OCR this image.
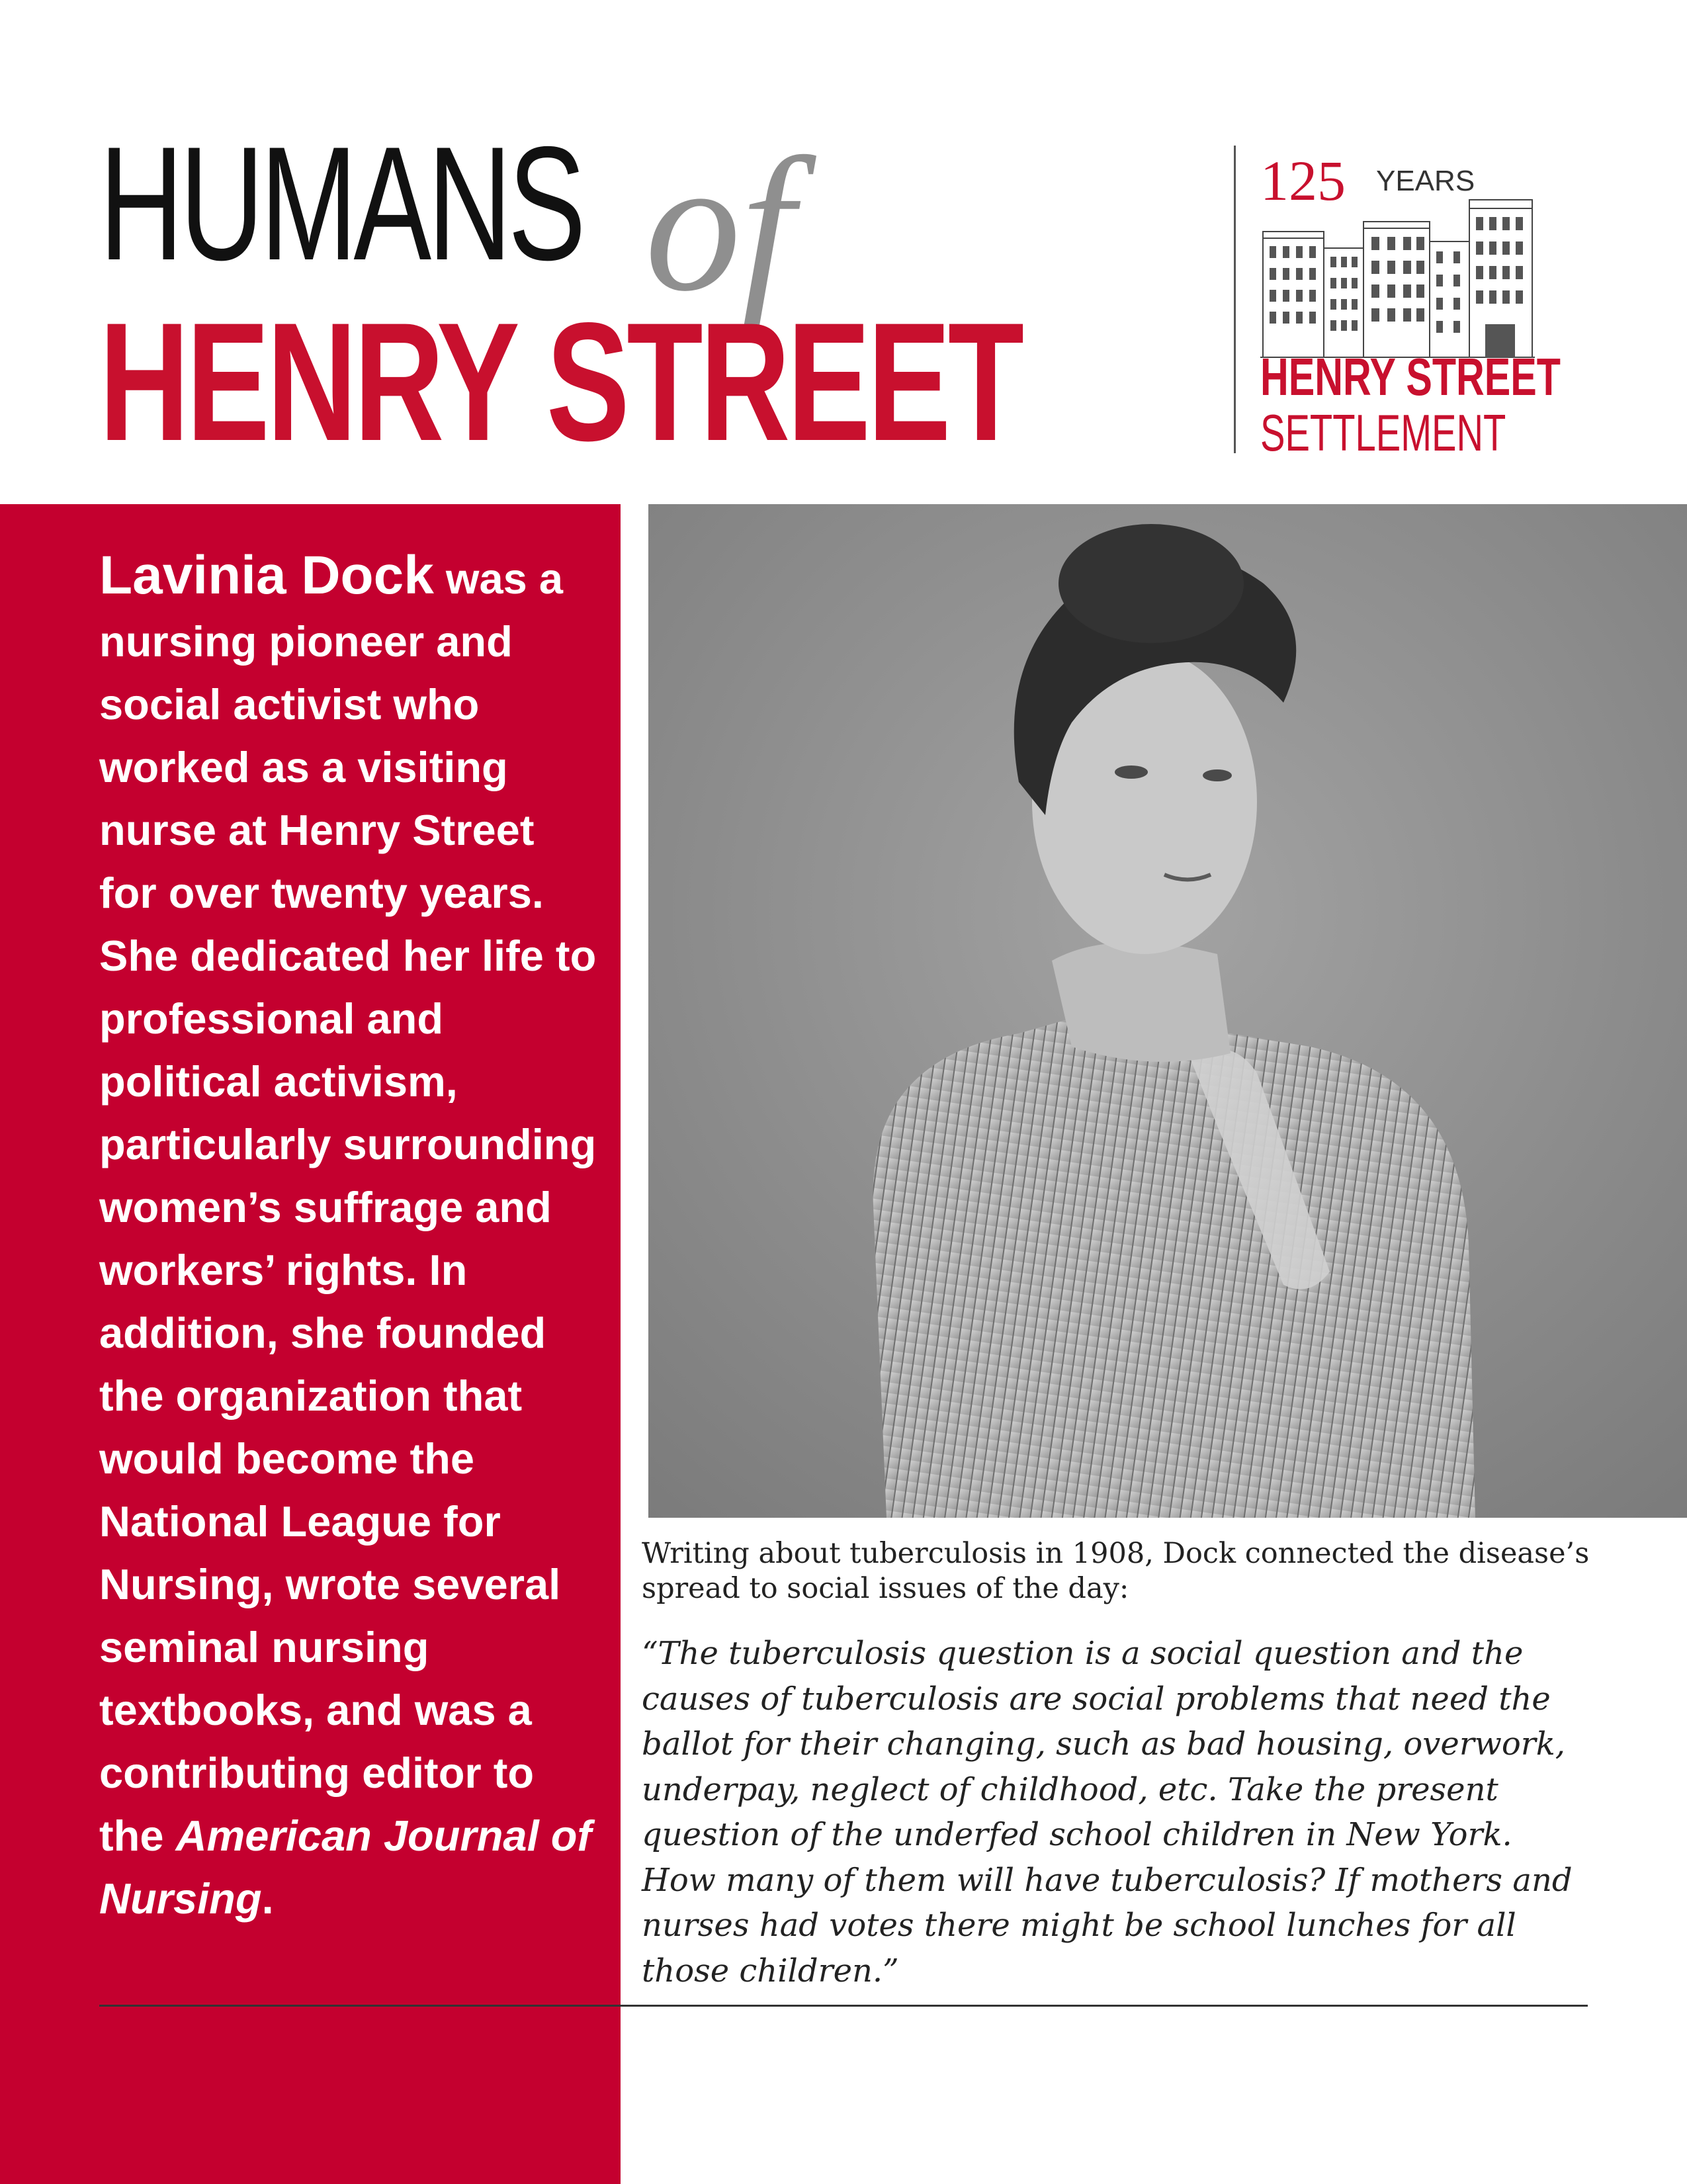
HUMANS of
HENRY STREET
125 YEARS
HENRY STREET
SETTLEMENT
Lavinia Dock was a nursing pioneer and social activist who worked as a visiting nurse at Henry Street for over twenty years. She dedicated her life to professional and political activism, particularly surrounding women’s suffrage and workers’ rights. In addition, she founded the organization that would become the National League for Nursing, wrote several seminal nursing textbooks, and was a contributing editor to the American Journal of Nursing.
Writing about tuberculosis in 1908, Dock connected the disease’s spread to social issues of the day:
“The tuberculosis question is a social question and the causes of tuberculosis are social problems that need the ballot for their changing, such as bad housing, overwork, underpay, neglect of childhood, etc. Take the present question of the underfed school children in New York. How many of them will have tuberculosis? If mothers and nurses had votes there might be school lunches for all those children.”
